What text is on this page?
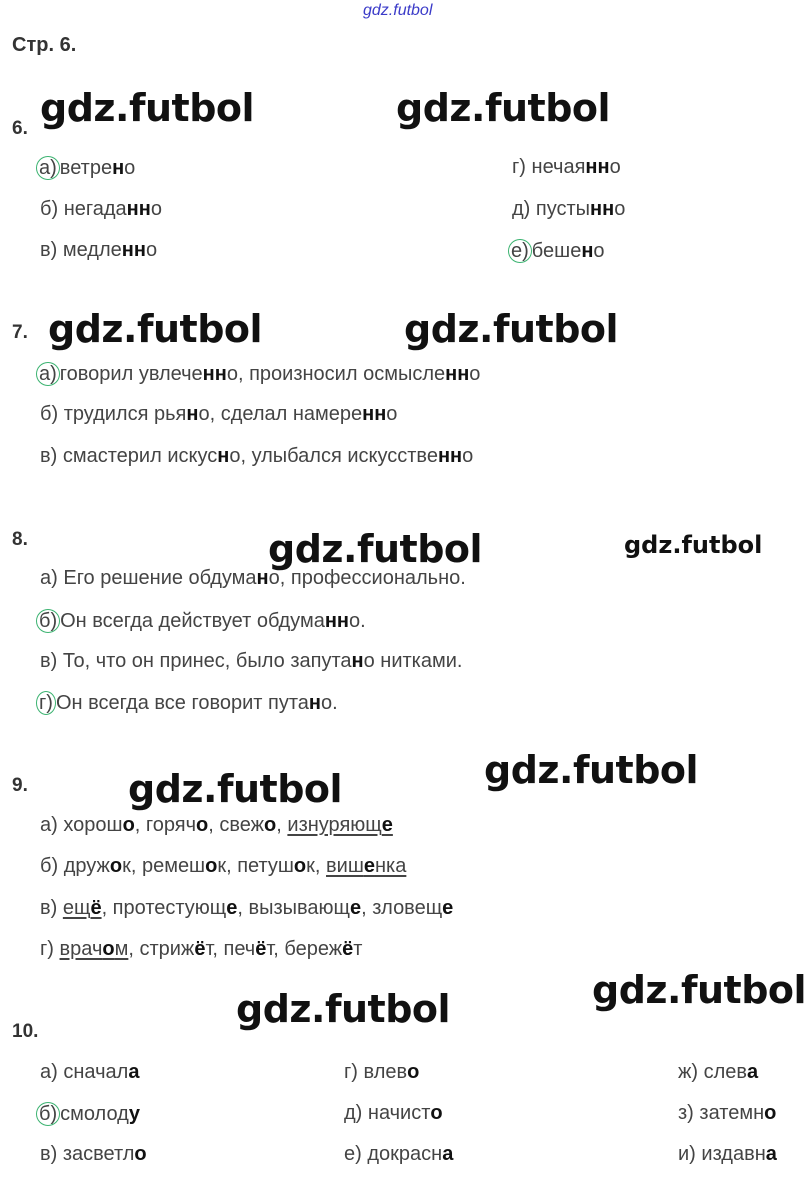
gdz.futbol
Стр. 6.
6. gdz.futbol	gdz.futbol
а) ветрено
б) негаданно
в) медленно
г) нечаянно
д) пустынно
е) бешено
7. gdz.futbol	gdz.futbol
а) говорил увлеченно, произносил осмысленно
б) трудился рьяно, сделал намеренно
в) смастерил искусно, улыбался искусственно
8.	gdz.futbol	gdz.futbol
а) Его решение обдумано, профессионально.
б) Он всегда действует обдуманно.
в) То, что он принес, было запутано нитками.
г) Он всегда все говорит путано.
9.	gdz.futbol	gdz.futbol
а) хорошо, горячо, свежо, изнуряюще
б) дружок, ремешок, петушок, вишенка
в) ещё, протестующе, вызывающе, зловеще
г) врачом, стрижёт, печёт, бережёт
gdz.futbol
gdz.futbol
10.
а) сначала
б) смолоду
в) засветло
г) влево
д) начисто
е) докрасна
ж) слева
з) затемно
и) издавна
